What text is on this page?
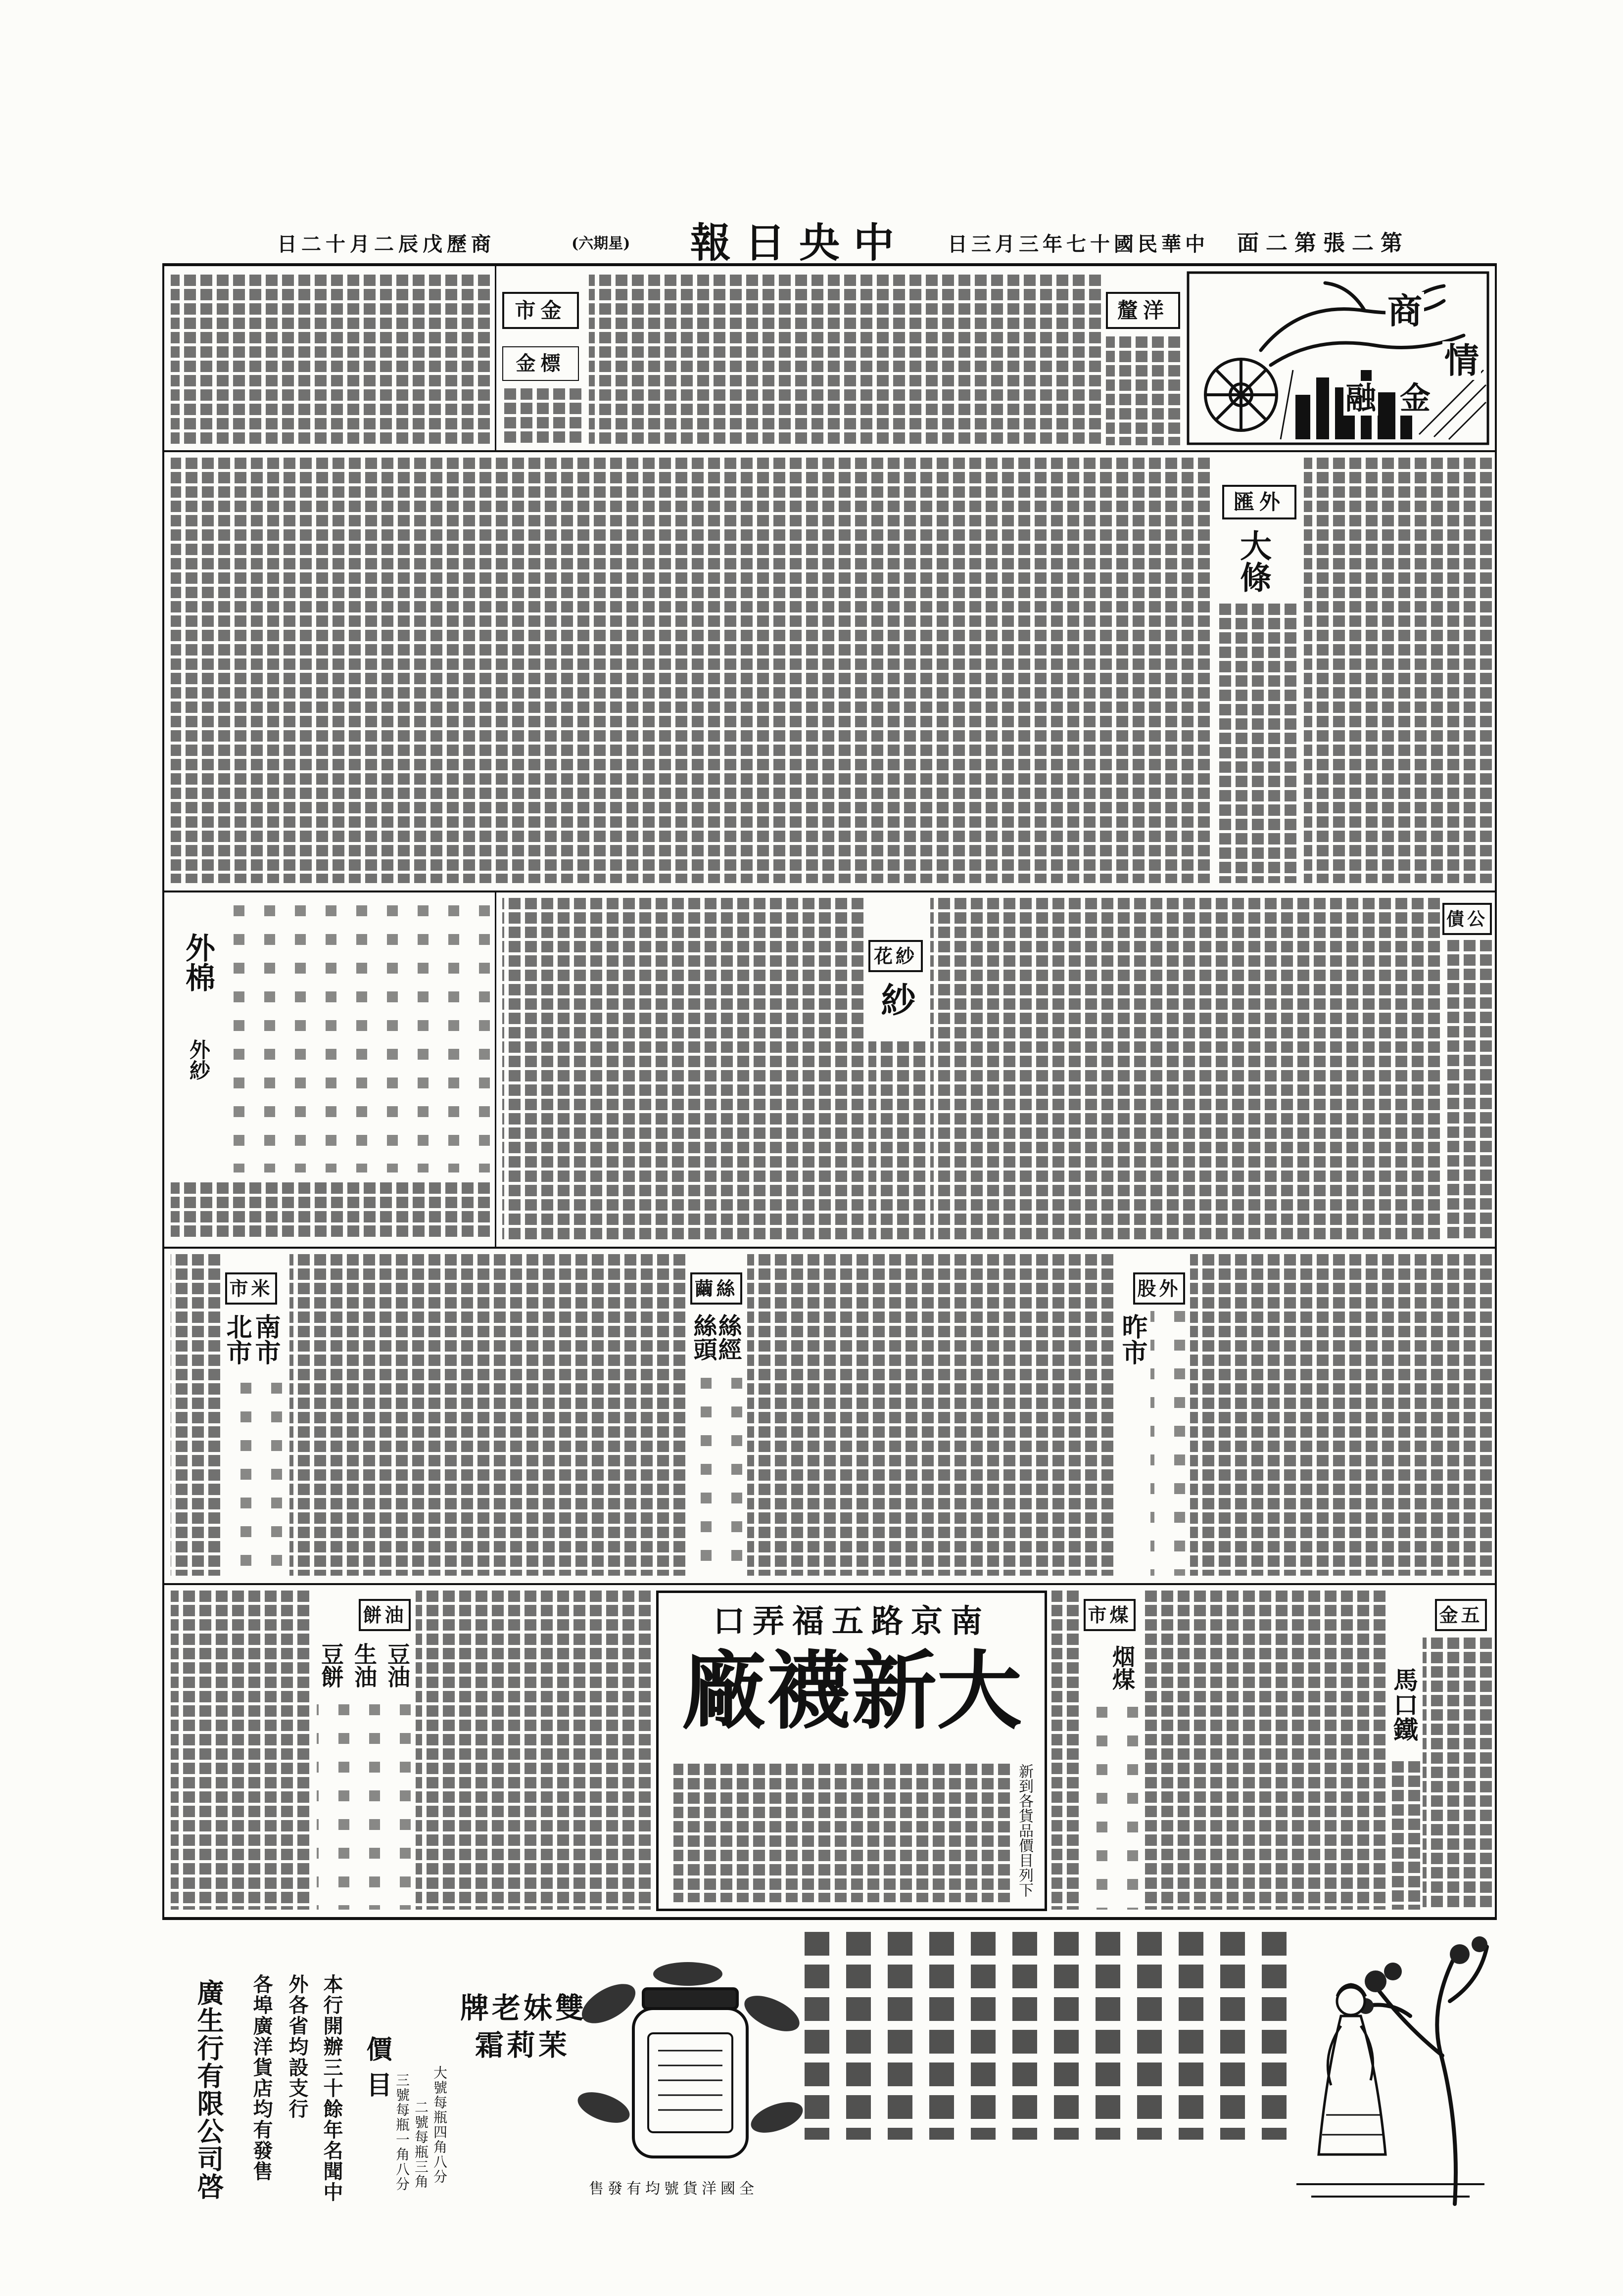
第二張第二面
中華民國十七年三月三日
中央日報
(星期六)
商歷戊辰二月十二日
金市
標金
洋釐	商
情
金
融
外匯
大條
外棉
外紗
紗花
紗
公債
米市
南市
北市
絲繭
絲經
絲頭
外股
昨市
油餅
豆油
生油
豆餅
南京路五福弄口
大新襪廠
新到各貨品價目列下
煤市
烟煤	馬口鐵
五金
全國洋貨號均有發售
雙妹老牌
茉莉霜
價目	大號每瓶四角八分
二號每瓶三角
三號每瓶一角八分
本行開辦三十餘年名聞中
外各省均設支行
各埠廣洋貨店均有發售
廣生行有限公司啓
